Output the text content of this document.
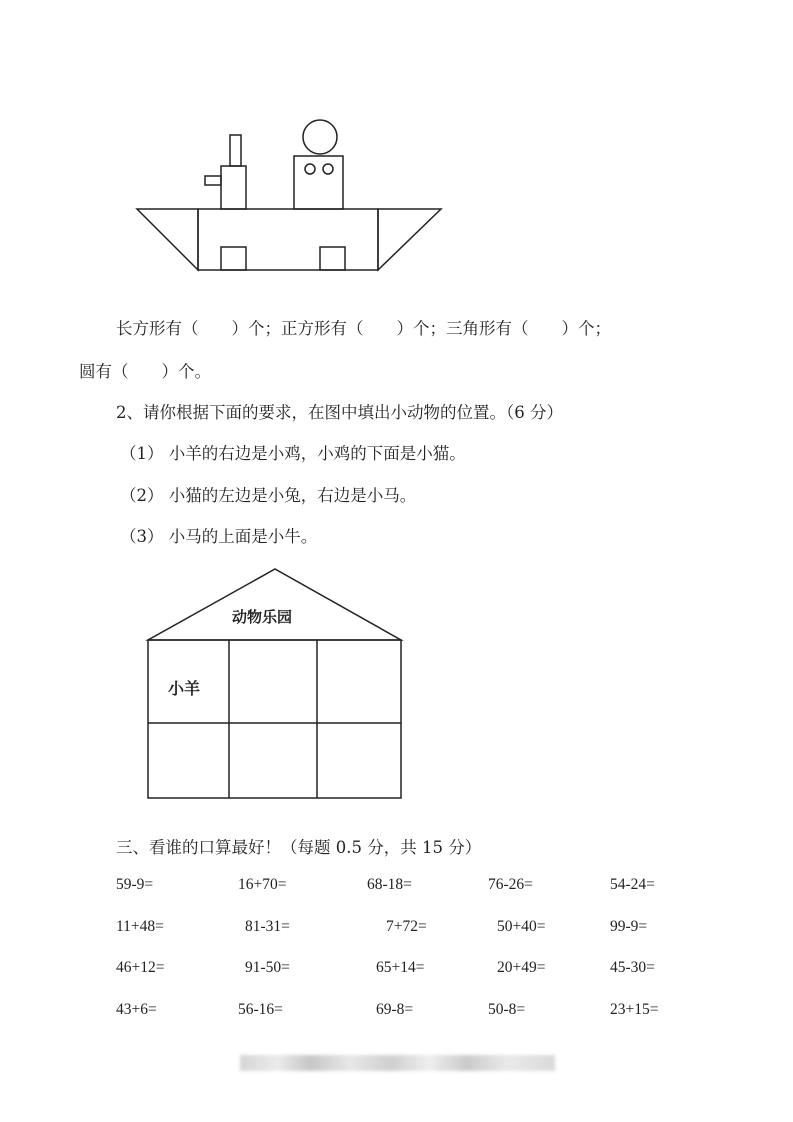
长方形有（　　）个；正方形有（　　）个；三角形有（　　）个；
圆有（　　）个。
2、请你根据下面的要求，在图中填出小动物的位置。（6 分）
（1） 小羊的右边是小鸡，小鸡的下面是小猫。
（2） 小猫的左边是小兔，右边是小马。
（3） 小马的上面是小牛。
动物乐园
小羊
三、看谁的口算最好！（每题 0.5 分，共 15 分）
59-9=	16+70=	68-18=	76-26=	54-24=
11+48=	81-31=	7+72=	50+40=	99-9=
46+12=	91-50=	65+14=	20+49=	45-30=
43+6=	56-16=	69-8=	50-8=	23+15=
